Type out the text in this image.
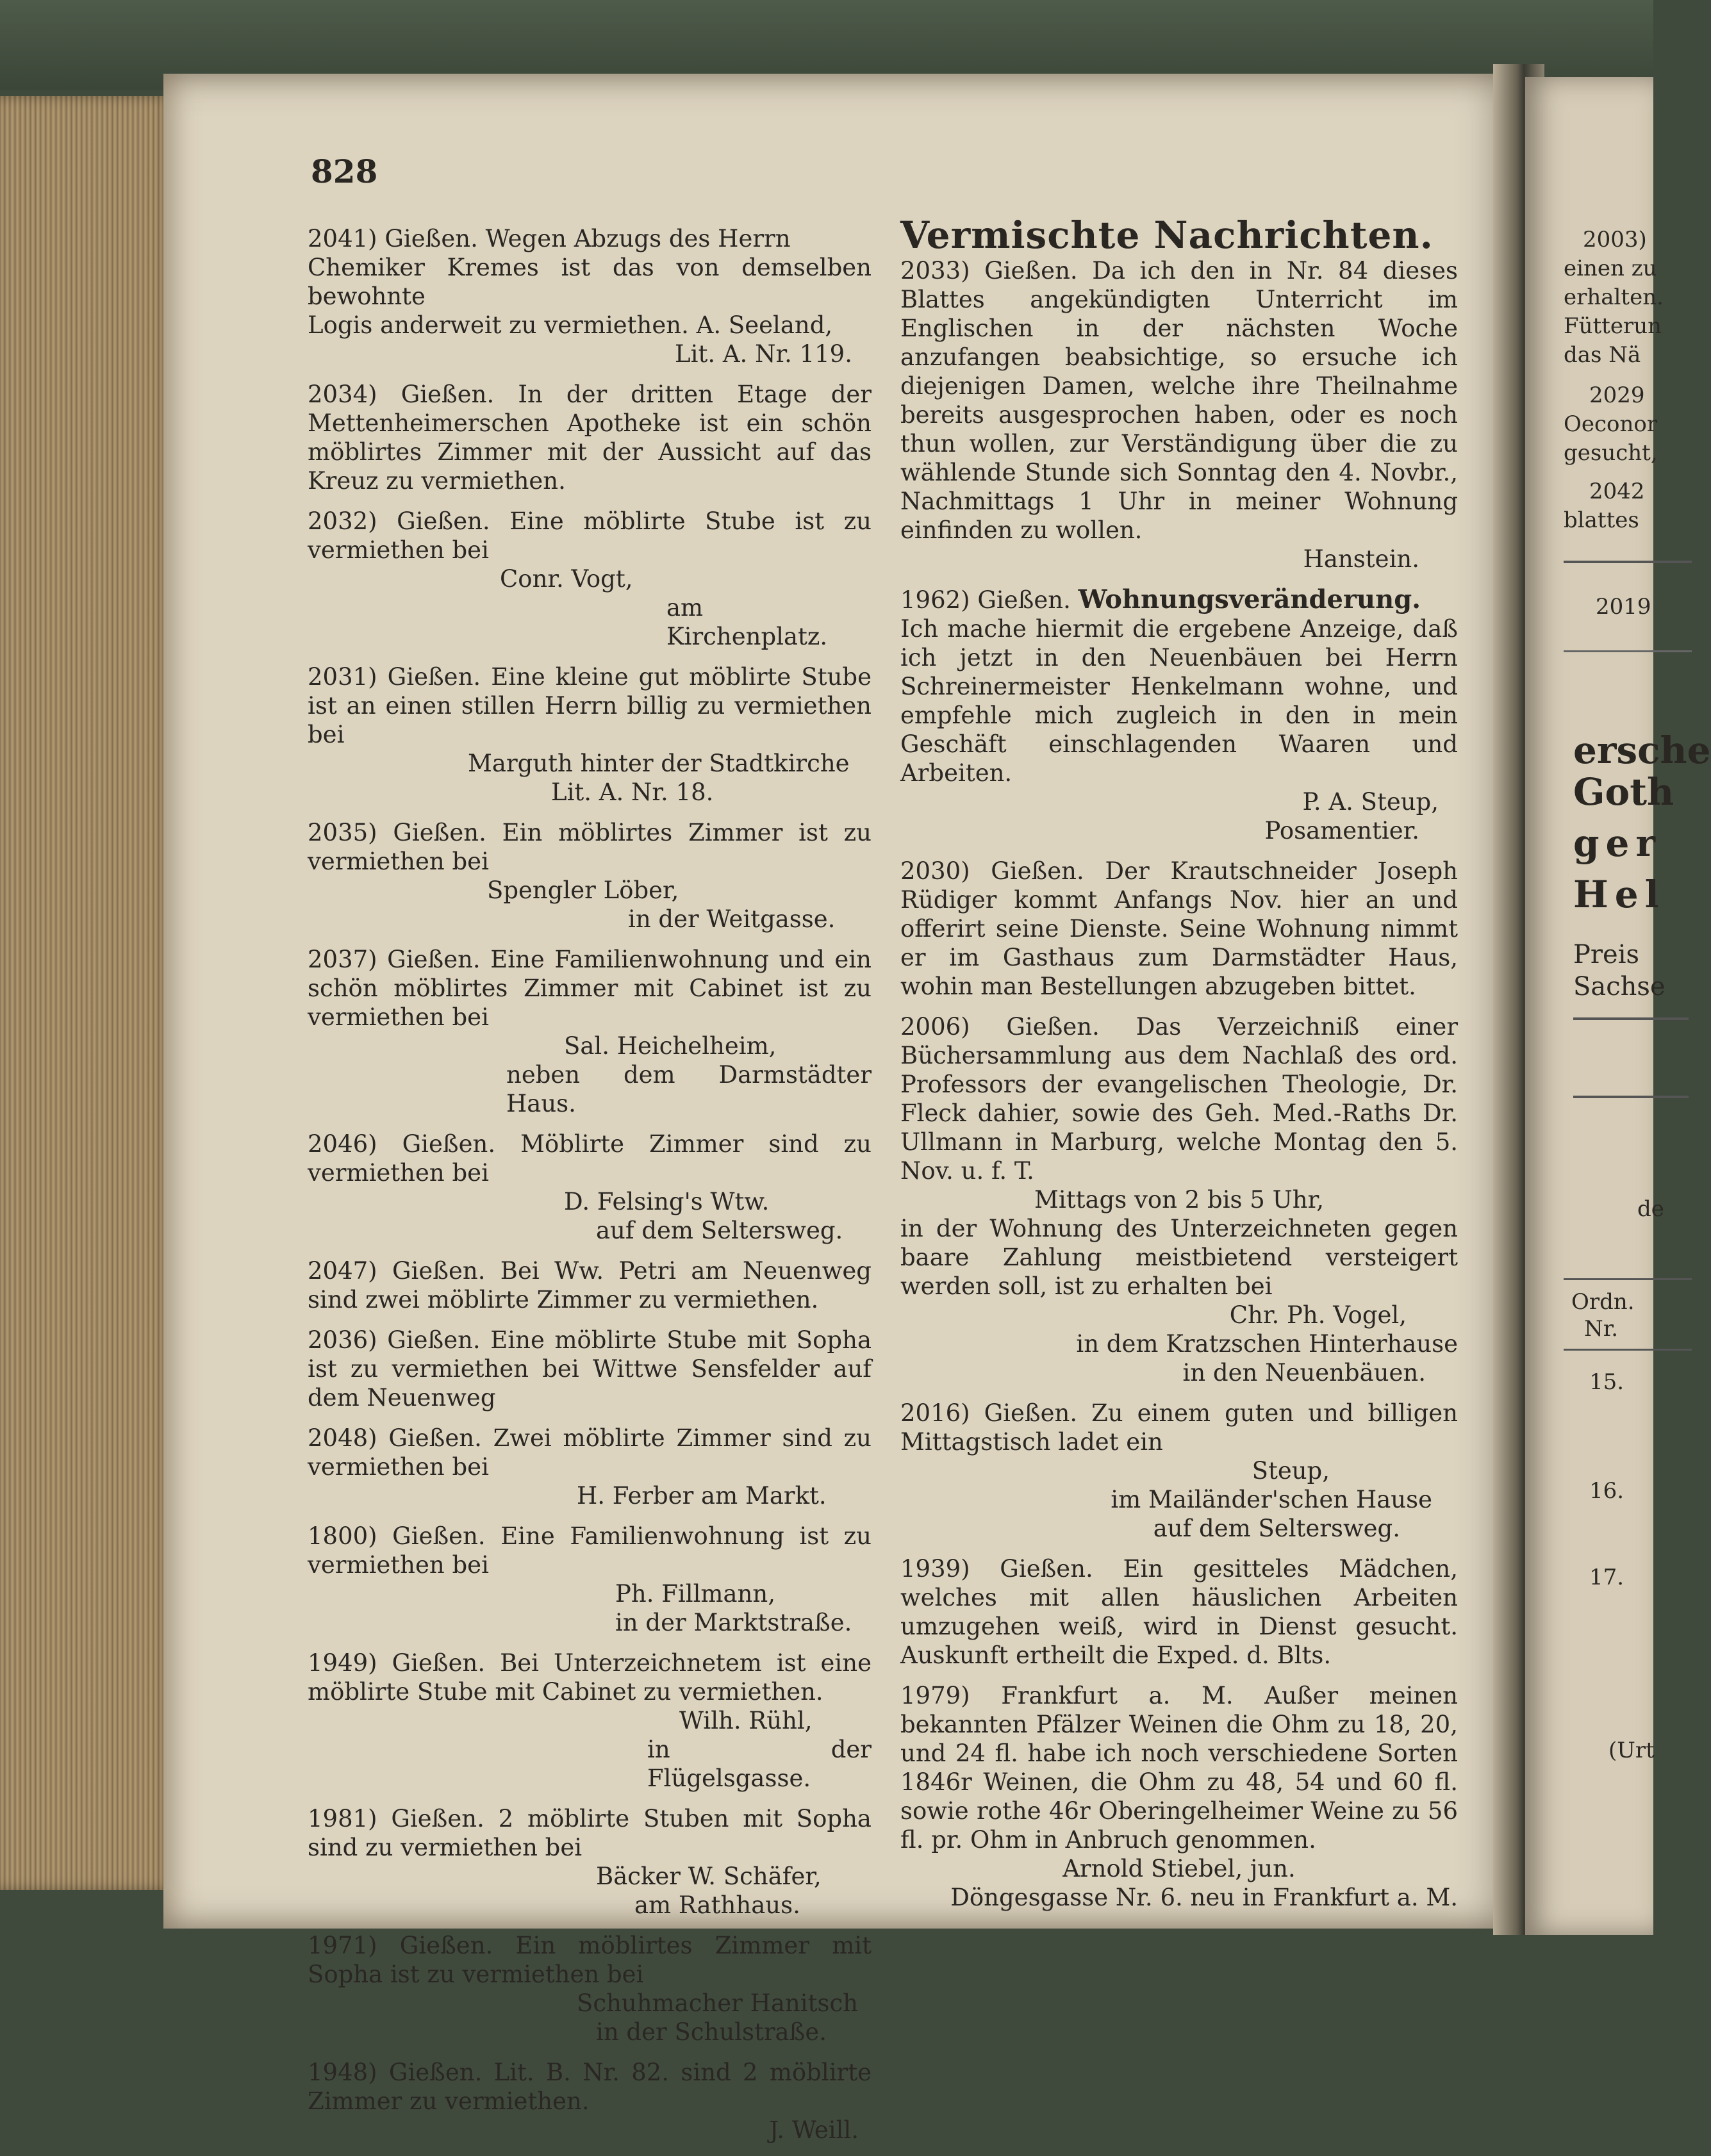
828

2041) Gießen. Wegen Abzugs des Herrn
Chemiker Kremes ist das von demselben bewohnte
Logis anderweit zu vermiethen. A. Seeland,

Lit. A. Nr. 119.

2034) Gießen. In der dritten Etage der Mettenheimerschen Apotheke ist ein schön möblirtes Zimmer mit der Aussicht auf das Kreuz zu vermiethen.

2032) Gießen. Eine möblirte Stube ist zu vermiethen bei

Conr. Vogt,

am Kirchenplatz.

2031) Gießen. Eine kleine gut möblirte Stube ist an einen stillen Herrn billig zu vermiethen bei

Marguth hinter der Stadtkirche

Lit. A. Nr. 18.

2035) Gießen. Ein möblirtes Zimmer ist zu vermiethen bei

Spengler Löber,

in der Weitgasse.

2037) Gießen. Eine Familienwohnung und ein schön möblirtes Zimmer mit Cabinet ist zu vermiethen bei

Sal. Heichelheim,

neben dem Darmstädter Haus.

2046) Gießen. Möblirte Zimmer sind zu vermiethen bei

D. Felsing's Wtw.

auf dem Seltersweg.

2047) Gießen. Bei Ww. Petri am Neuenweg sind zwei möblirte Zimmer zu vermiethen.

2036) Gießen. Eine möblirte Stube mit Sopha ist zu vermiethen bei Wittwe Sensfelder auf dem Neuenweg

2048) Gießen. Zwei möblirte Zimmer sind zu vermiethen bei

H. Ferber am Markt.

1800) Gießen. Eine Familienwohnung ist zu vermiethen bei

Ph. Fillmann,

in der Marktstraße.

1949) Gießen. Bei Unterzeichnetem ist eine möblirte Stube mit Cabinet zu vermiethen.

Wilh. Rühl,

in der Flügelsgasse.

1981) Gießen. 2 möblirte Stuben mit Sopha sind zu vermiethen bei

Bäcker W. Schäfer,

am Rathhaus.

1971) Gießen. Ein möblirtes Zimmer mit Sopha ist zu vermiethen bei

Schuhmacher Hanitsch

in der Schulstraße.

1948) Gießen. Lit. B. Nr. 82. sind 2 möblirte Zimmer zu vermiethen.

J. Weill.

Vermischte Nachrichten.

2033) Gießen. Da ich den in Nr. 84 dieses Blattes angekündigten Unterricht im Englischen in der nächsten Woche anzufangen beabsichtige, so ersuche ich diejenigen Damen, welche ihre Theilnahme bereits ausgesprochen haben, oder es noch thun wollen, zur Verständigung über die zu wählende Stunde sich Sonntag den 4. Novbr., Nachmittags 1 Uhr in meiner Wohnung einfinden zu wollen.

Hanstein.

1962) Gießen. Wohnungsveränderung.

Ich mache hiermit die ergebene Anzeige, daß ich jetzt in den Neuenbäuen bei Herrn Schreinermeister Henkelmann wohne, und empfehle mich zugleich in den in mein Geschäft einschlagenden Waaren und Arbeiten.

P. A. Steup,

Posamentier.

2030) Gießen. Der Krautschneider Joseph Rüdiger kommt Anfangs Nov. hier an und offerirt seine Dienste. Seine Wohnung nimmt er im Gasthaus zum Darmstädter Haus, wohin man Bestellungen abzugeben bittet.

2006) Gießen. Das Verzeichniß einer Büchersammlung aus dem Nachlaß des ord. Professors der evangelischen Theologie, Dr. Fleck dahier, sowie des Geh. Med.-Raths Dr. Ullmann in Marburg, welche Montag den 5. Nov. u. f. T.

Mittags von 2 bis 5 Uhr,

in der Wohnung des Unterzeichneten gegen baare Zahlung meistbietend versteigert werden soll, ist zu erhalten bei

Chr. Ph. Vogel,

in dem Kratzschen Hinterhause

in den Neuenbäuen.

2016) Gießen. Zu einem guten und billigen Mittagstisch ladet ein

Steup,

im Mailänder'schen Hause

auf dem Seltersweg.

1939) Gießen. Ein gesitteles Mädchen, welches mit allen häuslichen Arbeiten umzugehen weiß, wird in Dienst gesucht. Auskunft ertheilt die Exped. d. Blts.

1979) Frankfurt a. M. Außer meinen bekannten Pfälzer Weinen die Ohm zu 18, 20, und 24 fl. habe ich noch verschiedene Sorten 1846r Weinen, die Ohm zu 48, 54 und 60 fl. sowie rothe 46r Oberingelheimer Weine zu 56 fl. pr. Ohm in Anbruch genommen.

Arnold Stiebel, jun.

Döngesgasse Nr. 6. neu in Frankfurt a. M.

2003)
einen zu
erhalten.
Fütterun
das Nä
2029
Oeconor
gesucht,
2042
blattes
2019
ersche
Goth
ger
Hel
Preis
Sachse
de
Ordn.
Nr.
15.
16.
17.
(Urt
